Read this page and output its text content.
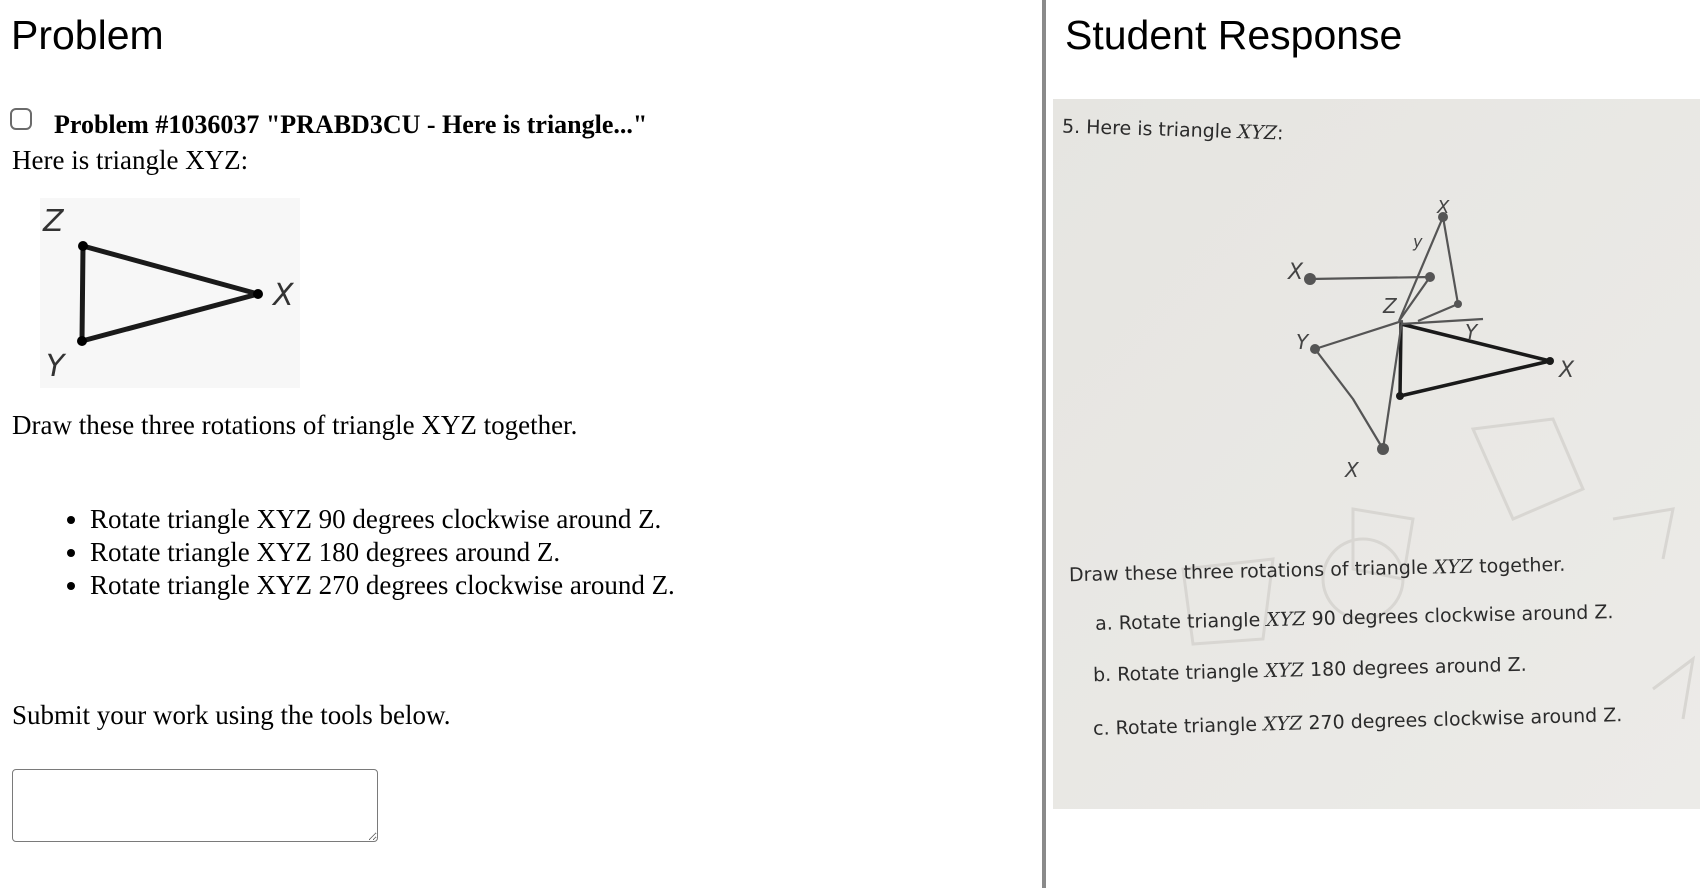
Problem
Problem #1036037 "PRABD3CU - Here is triangle..."
Here is triangle XYZ:
Z
X
Y
Draw these three rotations of triangle XYZ together.
• Rotate triangle XYZ 90 degrees clockwise around Z.
• Rotate triangle XYZ 180 degrees around Z.
• Rotate triangle XYZ 270 degrees clockwise around Z.
Submit your work using the tools below.
Student Response
X
y
X
Z
Y	Y
X
X
5. Here is triangle XYZ:
Draw these three rotations of triangle XYZ together.
a. Rotate triangle XYZ 90 degrees clockwise around Z.
b. Rotate triangle XYZ 180 degrees around Z.
c. Rotate triangle XYZ 270 degrees clockwise around Z.
